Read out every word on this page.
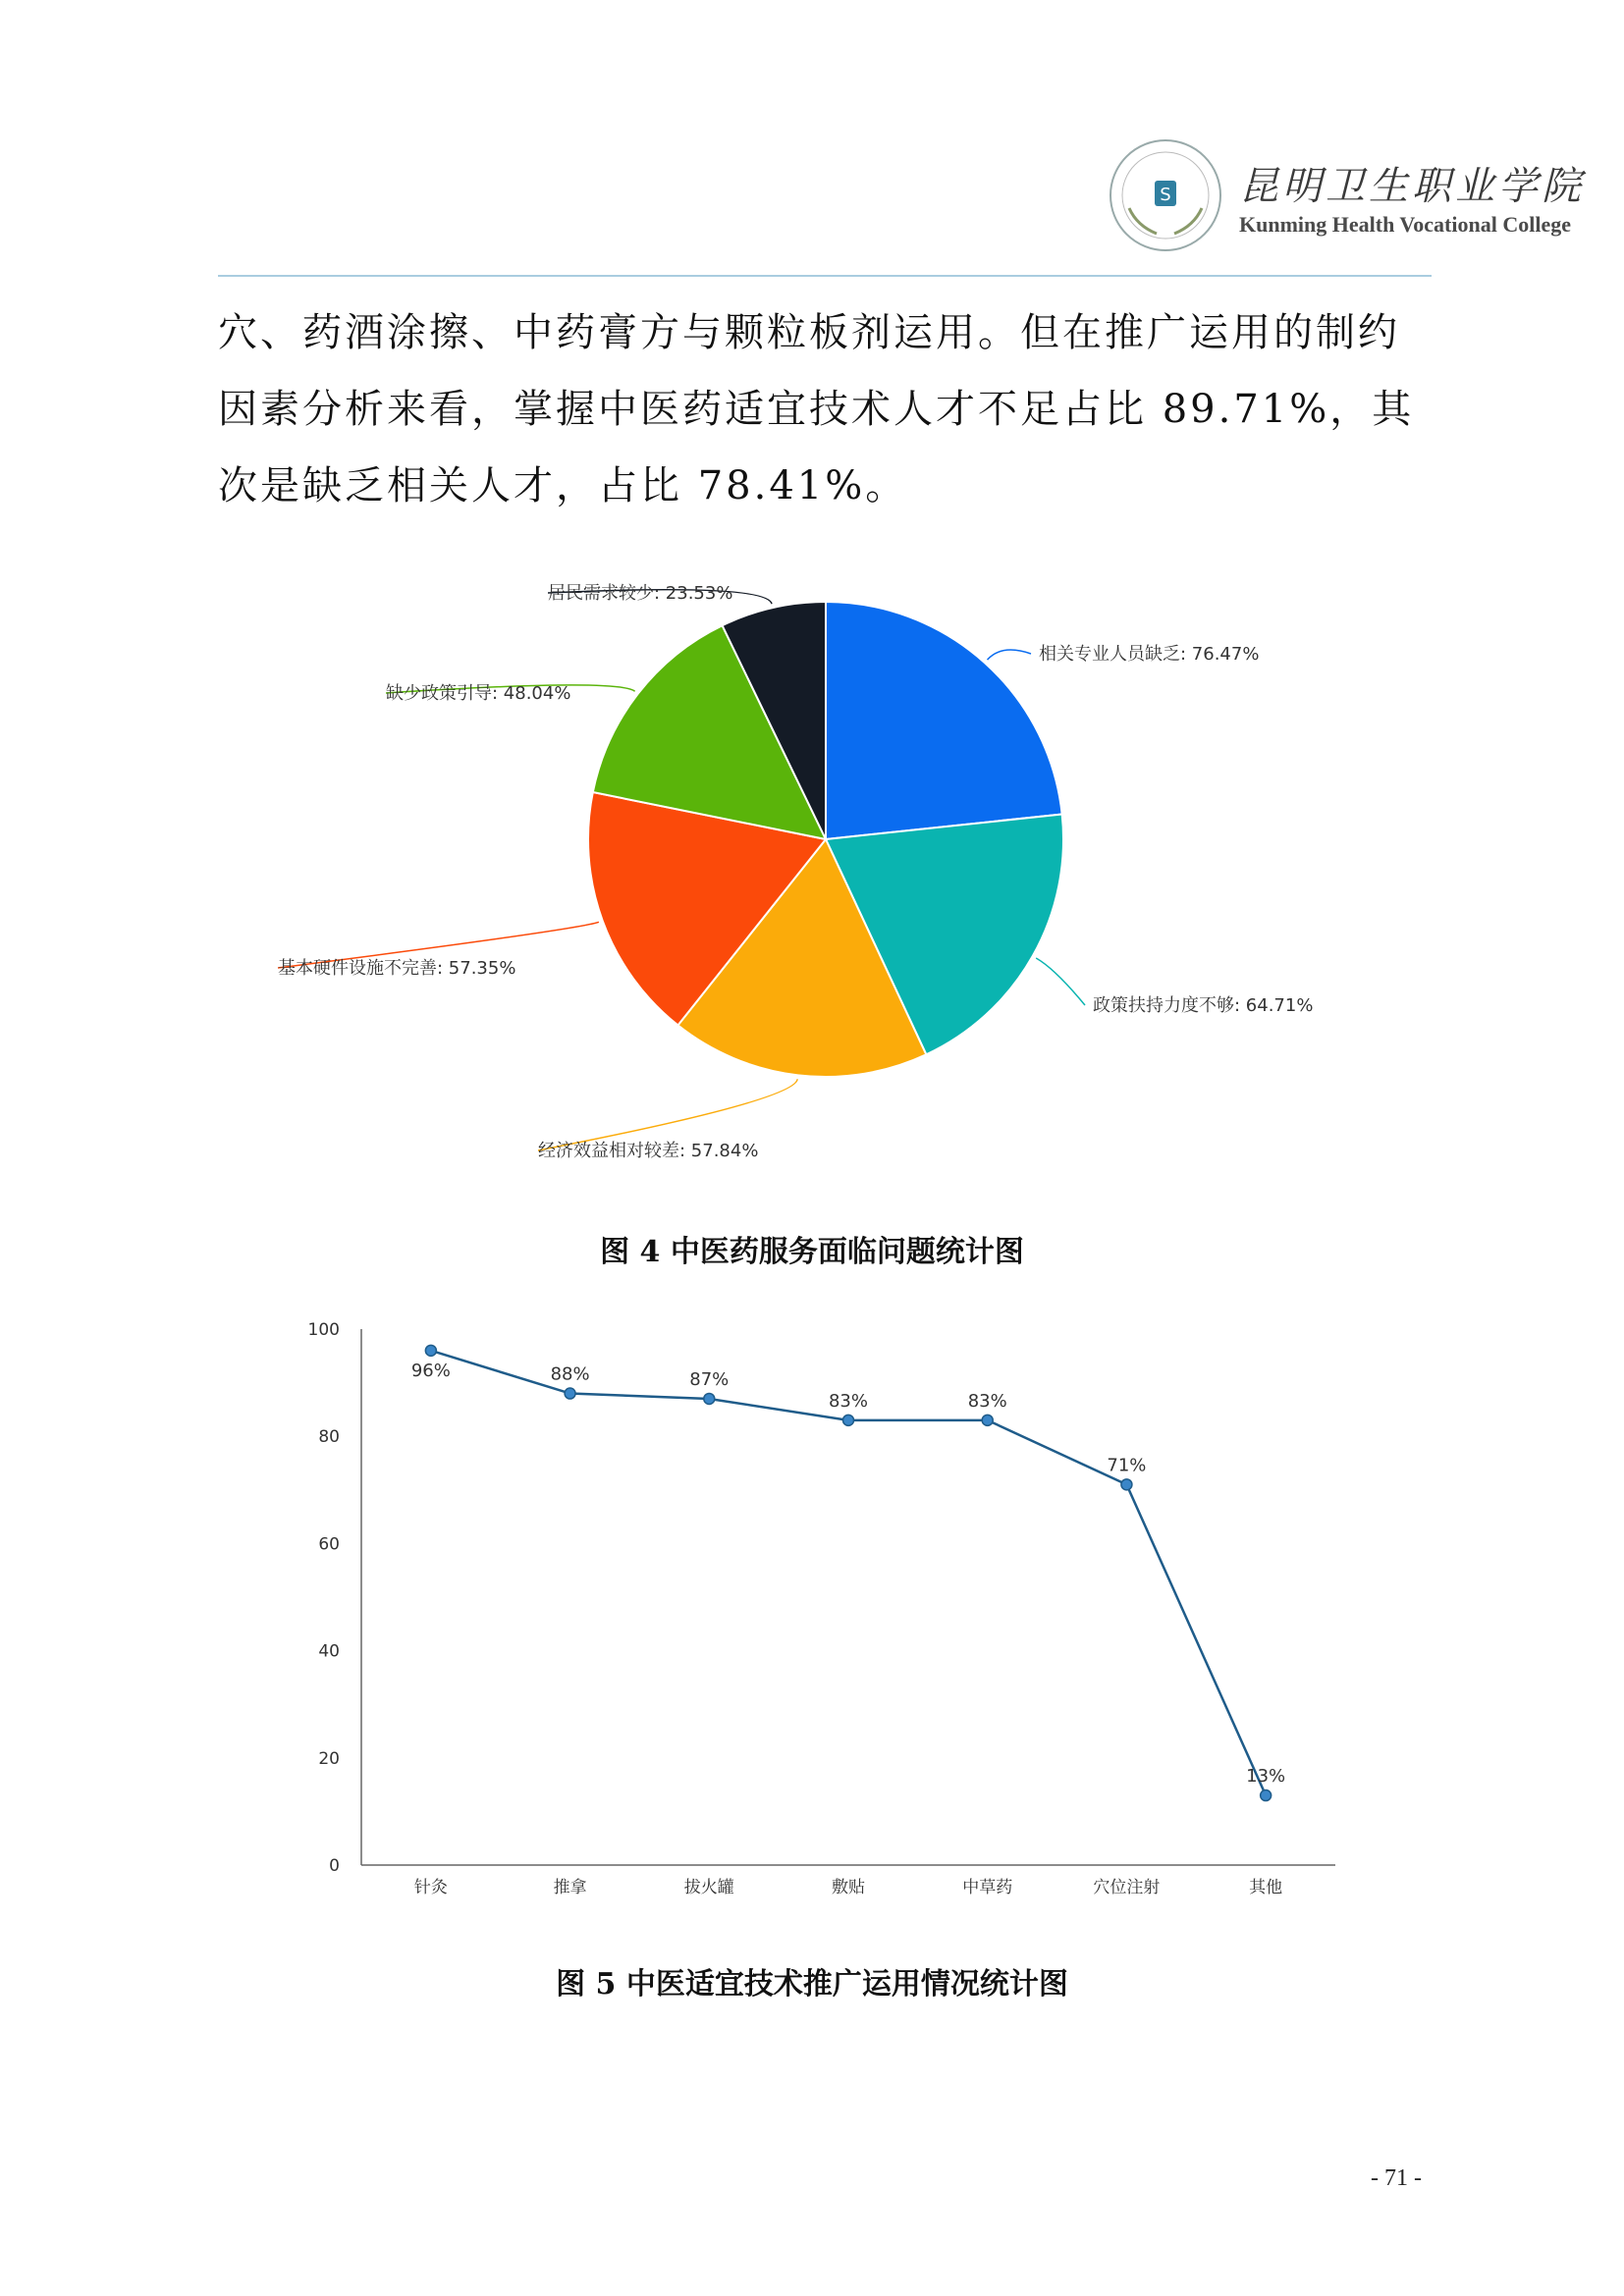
S 昆明卫生职业学院
Kunming Health Vocational College

穴、药酒涂擦、中药膏方与颗粒板剂运用。但在推广运用的制约

因素分析来看，掌握中医药适宜技术人才不足占比 89.71%，其

次是缺乏相关人才，占比 78.41%。

相关专业人员缺乏: 76.47%
政策扶持力度不够: 64.71%
经济效益相对较差: 57.84%
基本硬件设施不完善: 57.35%
缺少政策引导: 48.04%
居民需求较少: 23.53%
图 4 中医药服务面临问题统计图
0
20
40
60
80
100
针灸	推拿	拔火罐	敷贴	中草药	穴位注射	其他
96%	88%	87%
83%	83%
71%
13%
图 5 中医适宜技术推广运用情况统计图
- 71 -
